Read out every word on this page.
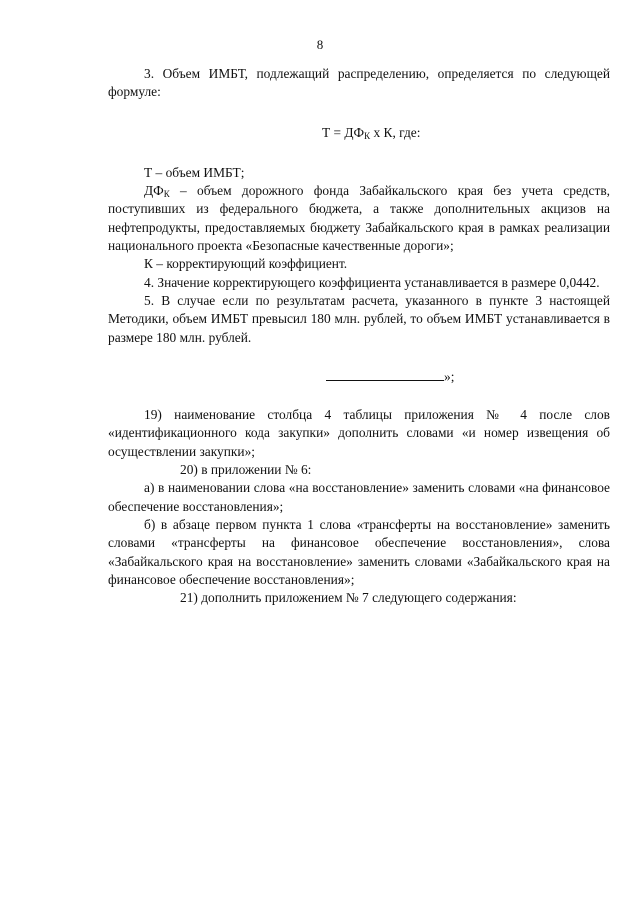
8

3. Объем ИМБТ, подлежащий распределению, определяется по следующей формуле:

$Т = ДФ_К$ x К, где:

Т – объем ИМБТ;

$ДФ_К$ – объем дорожного фонда Забайкальского края без учета средств, поступивших из федерального бюджета, а также дополнительных акцизов на нефтепродукты, предоставляемых бюджету Забайкальского края в рамках реализации национального проекта «Безопасные качественные дороги»;

К – корректирующий коэффициент.

4. Значение корректирующего коэффициента устанавливается в размере 0,0442.

5. В случае если по результатам расчета, указанного в пункте 3 настоящей Методики, объем ИМБТ превысил 180 млн. рублей, то объем ИМБТ устанавливается в размере 180 млн. рублей.

»;

19) наименование столбца 4 таблицы приложения № 4 после слов «идентификационного кода закупки» дополнить словами «и номер извещения об осуществлении закупки»;

20) в приложении № 6:

а) в наименовании слова «на восстановление» заменить словами «на финансовое обеспечение восстановления»;

б) в абзаце первом пункта 1 слова «трансферты на восстановление» заменить словами «трансферты на финансовое обеспечение восстановления», слова «Забайкальского края на восстановление» заменить словами «Забайкальского края на финансовое обеспечение восстановления»;

21) дополнить приложением № 7 следующего содержания:
